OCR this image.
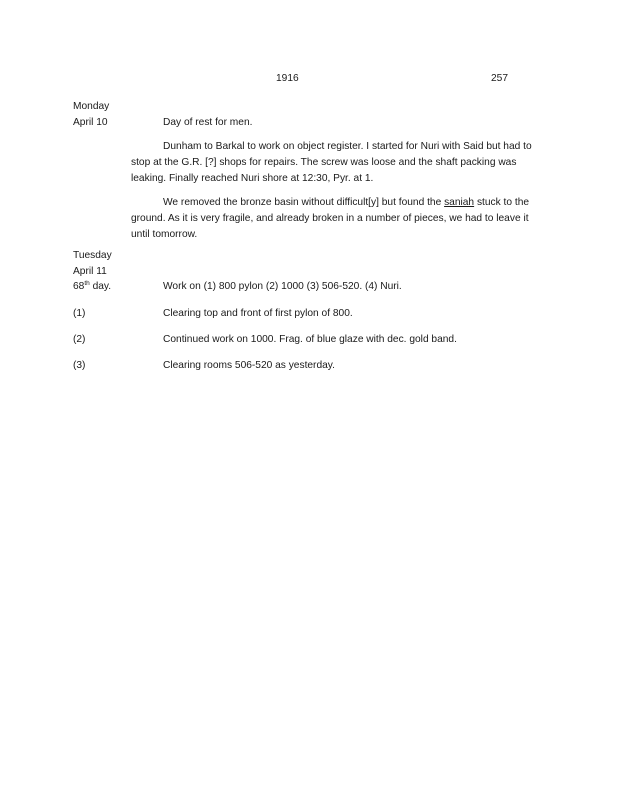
1916	257
Monday
April 10	Day of rest for men.

Dunham to Barkal to work on object register. I started for Nuri with Said but had to stop at the G.R. [?] shops for repairs. The screw was loose and the shaft packing was leaking. Finally reached Nuri shore at 12:30, Pyr. at 1.

We removed the bronze basin without difficult[y] but found the saniah stuck to the ground. As it is very fragile, and already broken in a number of pieces, we had to leave it until tomorrow.

Tuesday
April 11
68th day.	Work on (1) 800 pylon (2) 1000 (3) 506-520. (4) Nuri.
(1)	Clearing top and front of first pylon of 800.
(2)	Continued work on 1000. Frag. of blue glaze with dec. gold band.
(3)	Clearing rooms 506-520 as yesterday.
